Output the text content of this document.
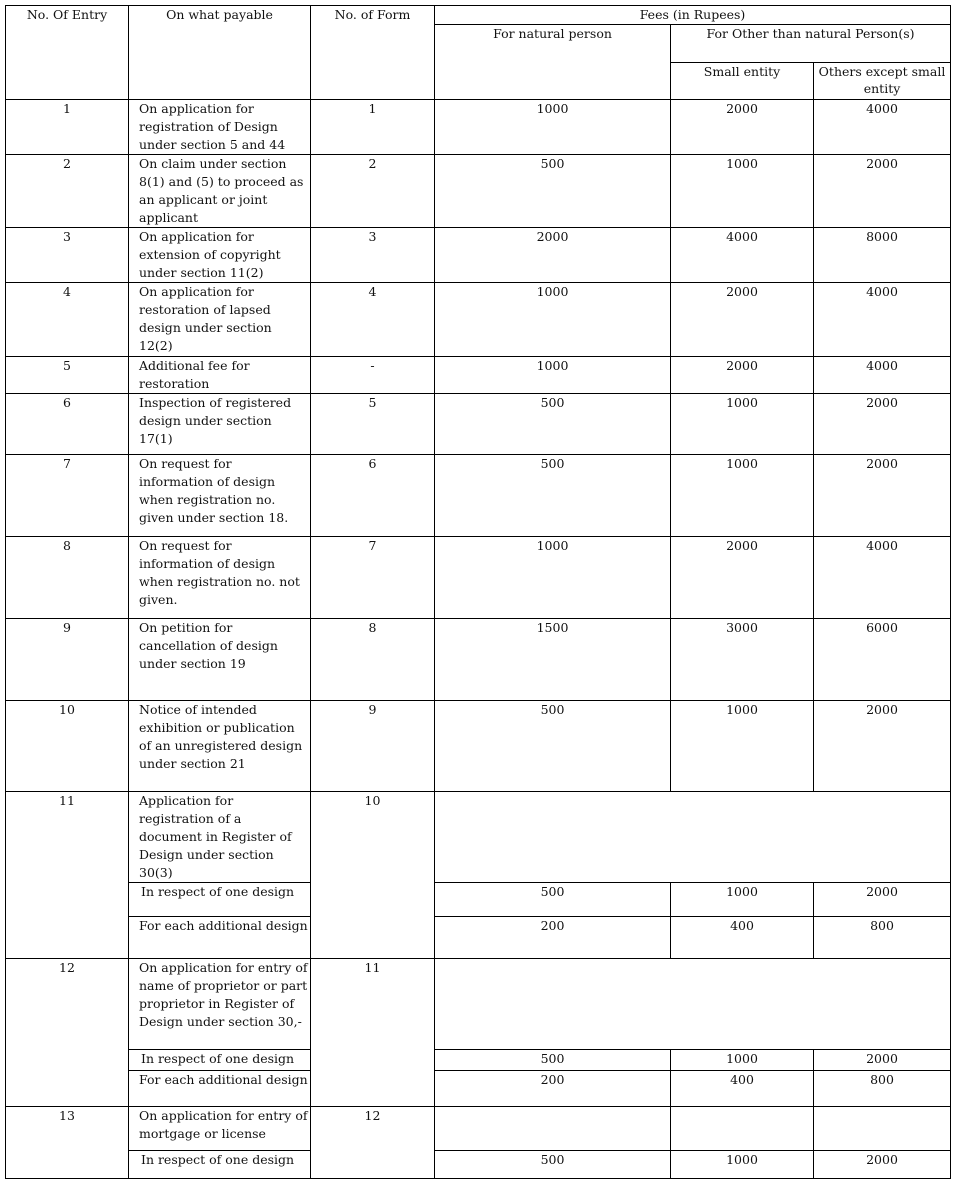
No. Of Entry	On what payable	No. of Form	Fees (in Rupees)		
			For natural person	For Other than natural Person(s)	
				Small entity	Others except small entity
1	On application for registration of Design under section 5 and 44	1	1000	2000	4000
2	On claim under section 8(1) and (5) to proceed as an applicant or joint applicant	2	500	1000	2000
3	On application for extension of copyright under section 11(2)	3	2000	4000	8000
4	On application for restoration of lapsed design under section 12(2)	4	1000	2000	4000
5	Additional fee for restoration	-	1000	2000	4000
6	Inspection of registered design under section 17(1)	5	500	1000	2000
7	On request for information of design when registration no. given under section 18.	6	500	1000	2000
8	On request for information of design when registration no. not given.	7	1000	2000	4000
9	On petition for cancellation of design under section 19	8	1500	3000	6000
10	Notice of intended exhibition or publication of an unregistered design under section 21	9	500	1000	2000
11	Application for registration of a document in Register of Design under section 30(3)	10			
	In respect of one design		500	1000	2000
	For each additional design		200	400	800
12	On application for entry of name of proprietor or part proprietor in Register of Design under section 30,-	11			
	In respect of one design		500	1000	2000
	For each additional design		200	400	800
13	On application for entry of mortgage or license	12			
	In respect of one design		500	1000	2000
